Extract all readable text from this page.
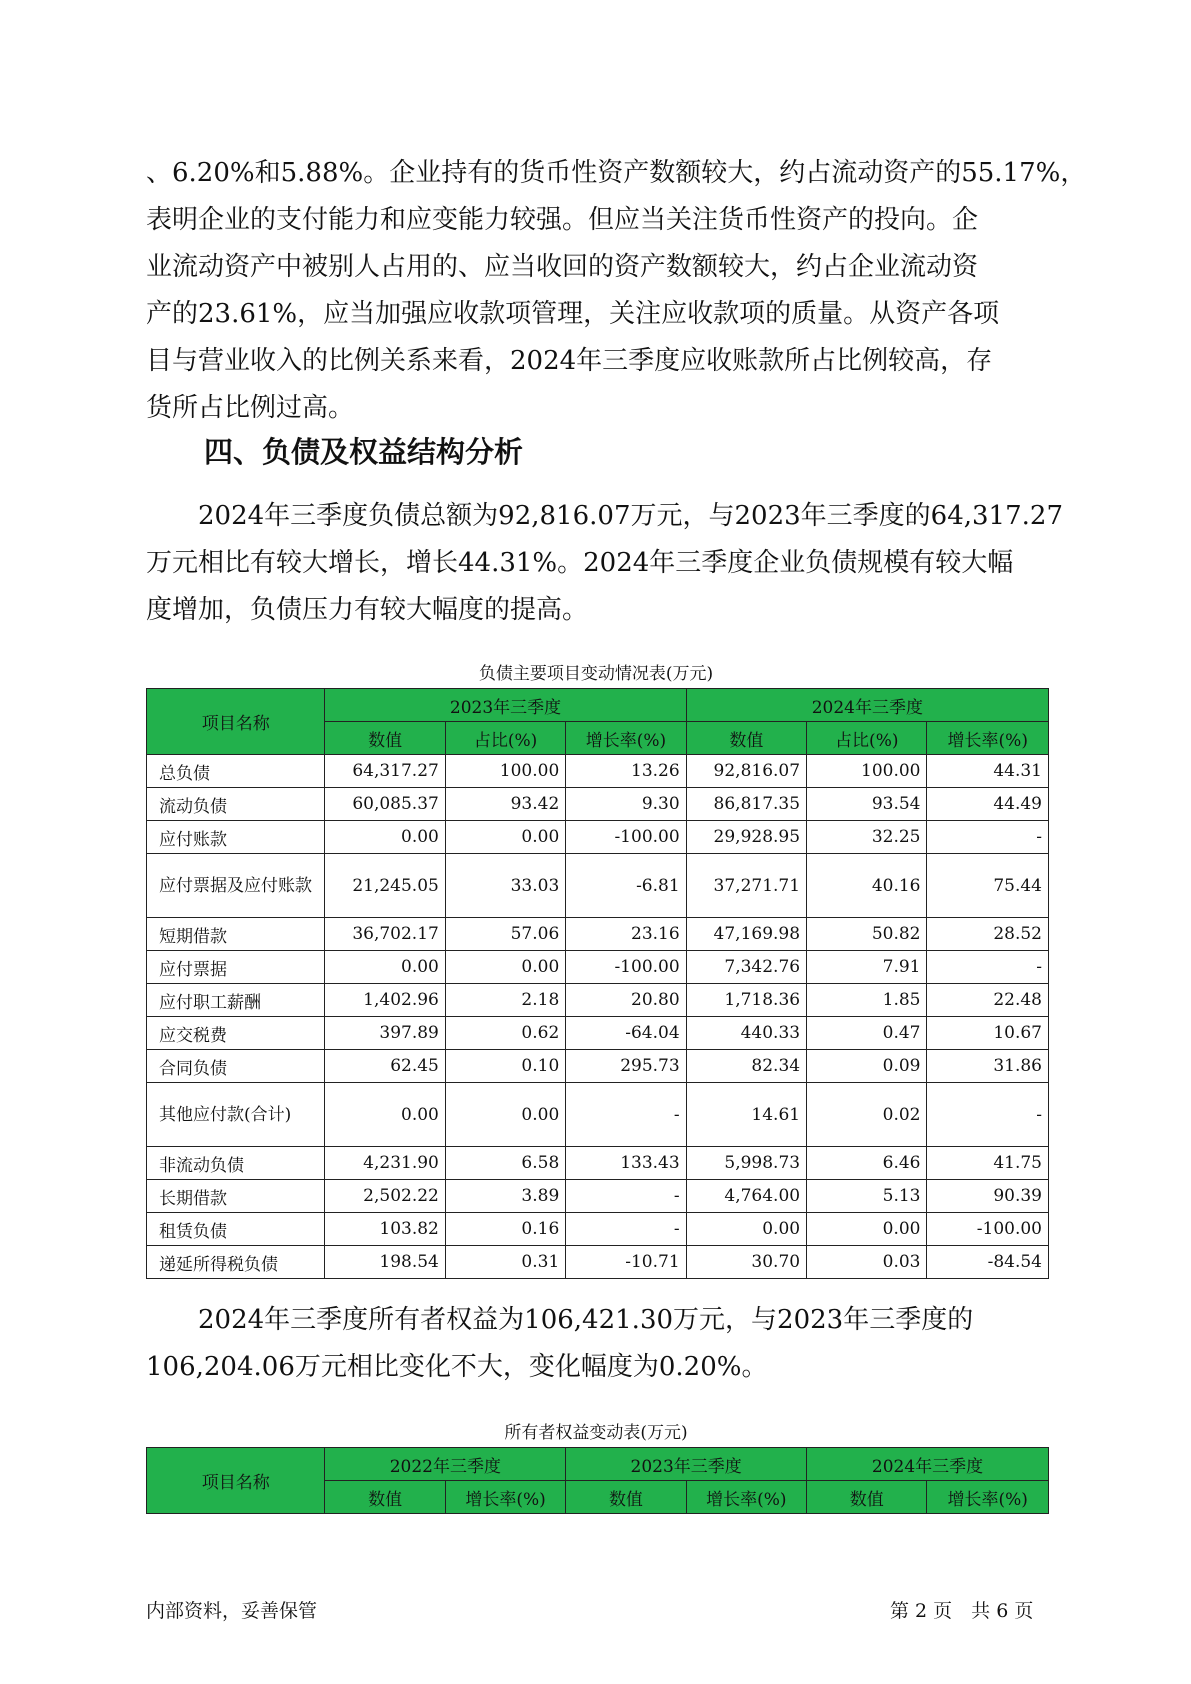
、6.20%和5.88%。企业持有的货币性资产数额较大，约占流动资产的55.17%，

表明企业的支付能力和应变能力较强。但应当关注货币性资产的投向。企

业流动资产中被别人占用的、应当收回的资产数额较大，约占企业流动资

产的23.61%，应当加强应收款项管理，关注应收款项的质量。从资产各项

目与营业收入的比例关系来看，2024年三季度应收账款所占比例较高，存

货所占比例过高。

四、负债及权益结构分析

　　2024年三季度负债总额为92,816.07万元，与2023年三季度的64,317.27

万元相比有较大增长，增长44.31%。2024年三季度企业负债规模有较大幅

度增加，负债压力有较大幅度的提高。

负债主要项目变动情况表(万元)
项目名称	2023年三季度			2024年三季度		
	数值	占比(%)	增长率(%)	数值	占比(%)	增长率(%)
总负债	64,317.27	100.00	13.26	92,816.07	100.00	44.31
流动负债	60,085.37	93.42	9.30	86,817.35	93.54	44.49
应付账款	0.00	0.00	-100.00	29,928.95	32.25	-
应付票据及应付账款	21,245.05	33.03	-6.81	37,271.71	40.16	75.44
短期借款	36,702.17	57.06	23.16	47,169.98	50.82	28.52
应付票据	0.00	0.00	-100.00	7,342.76	7.91	-
应付职工薪酬	1,402.96	2.18	20.80	1,718.36	1.85	22.48
应交税费	397.89	0.62	-64.04	440.33	0.47	10.67
合同负债	62.45	0.10	295.73	82.34	0.09	31.86
其他应付款(合计)	0.00	0.00	-	14.61	0.02	-
非流动负债	4,231.90	6.58	133.43	5,998.73	6.46	41.75
长期借款	2,502.22	3.89	-	4,764.00	5.13	90.39
租赁负债	103.82	0.16	-	0.00	0.00	-100.00
递延所得税负债	198.54	0.31	-10.71	30.70	0.03	-84.54

　　2024年三季度所有者权益为106,421.30万元，与2023年三季度的

106,204.06万元相比变化不大，变化幅度为0.20%。

所有者权益变动表(万元)
项目名称	2022年三季度		2023年三季度		2024年三季度	
	数值	增长率(%)	数值	增长率(%)	数值	增长率(%)
内部资料，妥善保管	第 2 页　共 6 页
